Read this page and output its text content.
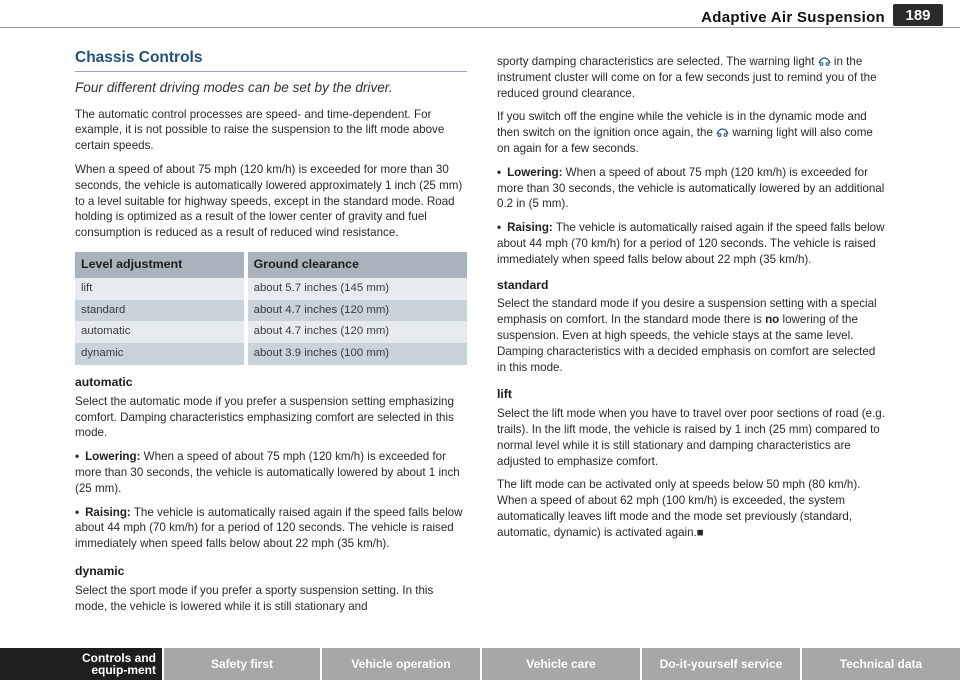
Adaptive Air Suspension	189
Chassis Controls
Four different driving modes can be set by the driver.

The automatic control processes are speed- and time-dependent. For example, it is not possible to raise the suspension to the lift mode above certain speeds.

When a speed of about 75 mph (120 km/h) is exceeded for more than 30 seconds, the vehicle is automatically lowered approximately 1 inch (25 mm) to a level suitable for highway speeds, except in the standard mode. Road holding is optimized as a result of the lower center of gravity and fuel consumption is reduced as a result of reduced wind resistance.

Level adjustment	Ground clearance
lift	about 5.7 inches (145 mm)
standard	about 4.7 inches (120 mm)
automatic	about 4.7 inches (120 mm)
dynamic	about 3.9 inches (100 mm)
automatic

Select the automatic mode if you prefer a suspension setting emphasizing comfort. Damping characteristics emphasizing comfort are selected in this mode.

• Lowering: When a speed of about 75 mph (120 km/h) is exceeded for more than 30 seconds, the vehicle is automatically lowered by about 1 inch (25 mm).

• Raising: The vehicle is automatically raised again if the speed falls below about 44 mph (70 km/h) for a period of 120 seconds. The vehicle is raised immediately when speed falls below about 22 mph (35 km/h).

dynamic

Select the sport mode if you prefer a sporty suspension setting. In this mode, the vehicle is lowered while it is still stationary and

sporty damping characteristics are selected. The warning light  in the instrument cluster will come on for a few seconds just to remind you of the reduced ground clearance.

If you switch off the engine while the vehicle is in the dynamic mode and then switch on the ignition once again, the  warning light will also come on again for a few seconds.

• Lowering: When a speed of about 75 mph (120 km/h) is exceeded for more than 30 seconds, the vehicle is automatically lowered by an additional 0.2 in (5 mm).

• Raising: The vehicle is automatically raised again if the speed falls below about 44 mph (70 km/h) for a period of 120 seconds. The vehicle is raised immediately when speed falls below about 22 mph (35 km/h).

standard

Select the standard mode if you desire a suspension setting with a special emphasis on comfort. In the standard mode there is no lowering of the suspension. Even at high speeds, the vehicle stays at the same level. Damping characteristics with a decided emphasis on comfort are selected in this mode.

lift

Select the lift mode when you have to travel over poor sections of road (e.g. trails). In the lift mode, the vehicle is raised by 1 inch (25 mm) compared to normal level while it is still stationary and damping characteristics are adjusted to emphasize comfort.

The lift mode can be activated only at speeds below 50 mph (80 km/h). When a speed of about 62 mph (100 km/h) is exceeded, the system automatically leaves lift mode and the mode set previously (standard, automatic, dynamic) is activated again.■

Controls and equip-ment	Safety first	Vehicle operation	Vehicle care	Do-it-yourself service	Technical data
